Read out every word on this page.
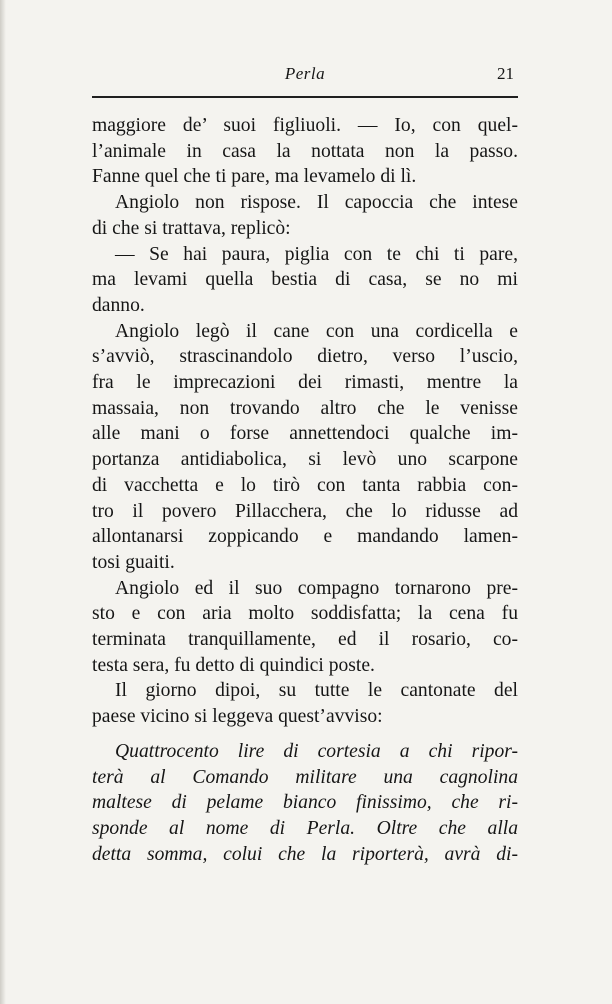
Perla	21

maggiore de’ suoi figliuoli. — Io, con quel-

l’animale in casa la nottata non la passo.

Fanne quel che ti pare, ma levamelo di lì.

Angiolo non rispose. Il capoccia che intese

di che si trattava, replicò:

— Se hai paura, piglia con te chi ti pare,

ma levami quella bestia di casa, se no mi

danno.

Angiolo legò il cane con una cordicella e

s’avviò, strascinandolo dietro, verso l’uscio,

fra le imprecazioni dei rimasti, mentre la

massaia, non trovando altro che le venisse

alle mani o forse annettendoci qualche im-

portanza antidiabolica, si levò uno scarpone

di vacchetta e lo tirò con tanta rabbia con-

tro il povero Pillacchera, che lo ridusse ad

allontanarsi zoppicando e mandando lamen-

tosi guaiti.

Angiolo ed il suo compagno tornarono pre-

sto e con aria molto soddisfatta; la cena fu

terminata tranquillamente, ed il rosario, co-

testa sera, fu detto di quindici poste.

Il giorno dipoi, su tutte le cantonate del

paese vicino si leggeva quest’avviso:

Quattrocento lire di cortesia a chi ripor-

terà al Comando militare una cagnolina

maltese di pelame bianco finissimo, che ri-

sponde al nome di Perla. Oltre che alla

detta somma, colui che la riporterà, avrà di-
